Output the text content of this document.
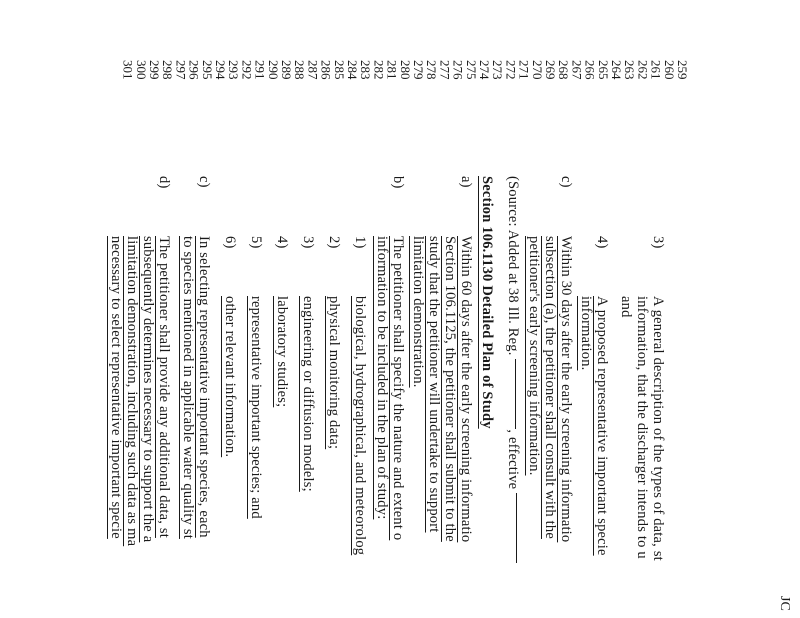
JC
259
260
261
262
263
264
265
266
267
268
269
270
271
272
273
274
275
276
277
278
279
280
281
282
283
284
285
286
287
288
289
290
291
292
293
294
295
296
297
298
299
300
301
3)
A general description of the types of data, st
information, that the discharger intends to u
and
4)
A proposed representative important specie
information.
c)
Within 30 days after the early screening informatio
subsection (a), the petitioner shall consult with the
petitioner's early screening information.
(Source: Added at 38 Ill. Reg. , effective
Section 106.1130 Detailed Plan of Study
a)
Within 60 days after the early screening informatio
Section 106.1125, the petitioner shall submit to the
study that the petitioner will undertake to support
limitation demonstration.
b)
The petitioner shall specify the nature and extent o
information to be included in the plan of study:
1)
biological, hydrographical, and meteorolog
2)
physical monitoring data;
3)
engineering or diffusion models;
4)
laboratory studies;
5)
representative important species; and
6)
other relevant information.
c)
In selecting representative important species, each
to species mentioned in applicable water quality st
d)
The petitioner shall provide any additional data, st
subsequently determines necessary to support the a
limitation demonstration, including such data as ma
necessary to select representative important specie
